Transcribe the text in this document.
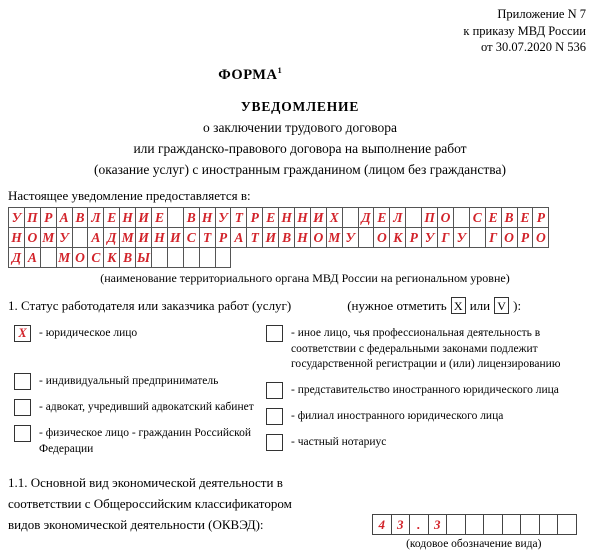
Приложение N 7
к приказу МВД России
от 30.07.2020 N 536
ФОРМА$^1$
УВЕДОМЛЕНИЕ
о заключении трудового договора
или гражданско-правового договора на выполнение работ
(оказание услуг) с иностранным гражданином (лицом без гражданства)
Настоящее уведомление предоставляется в:
У П Р А В Л Е Н И Е В Н У Т Р Е Н Н И Х Д Е Л П О С Е В Е Р
Н О М У А Д М И Н И С Т Р А Т И В Н О М У О К Р У Г У	Г О Р О
Д А М О С К В Ы
(наименование территориального органа МВД России на региональном уровне)
1. Статус работодателя или заказчика работ (услуг)	(нужное отметить X или V ):
X	- юридическое лицо
- индивидуальный предприниматель
- адвокат, учредивший адвокатский кабинет
- физическое лицо - гражданин Российской Федерации
- иное лицо, чья профессиональная деятельность в соответствии с федеральными законами подлежит государственной регистрации и (или) лицензированию
- представительство иностранного юридического лица
- филиал иностранного юридического лица
- частный нотариус
1.1. Основной вид экономической деятельности в
соответствии с Общероссийским классификатором
видов экономической деятельности (ОКВЭД):	4 3	.	3
(кодовое обозначение вида)
